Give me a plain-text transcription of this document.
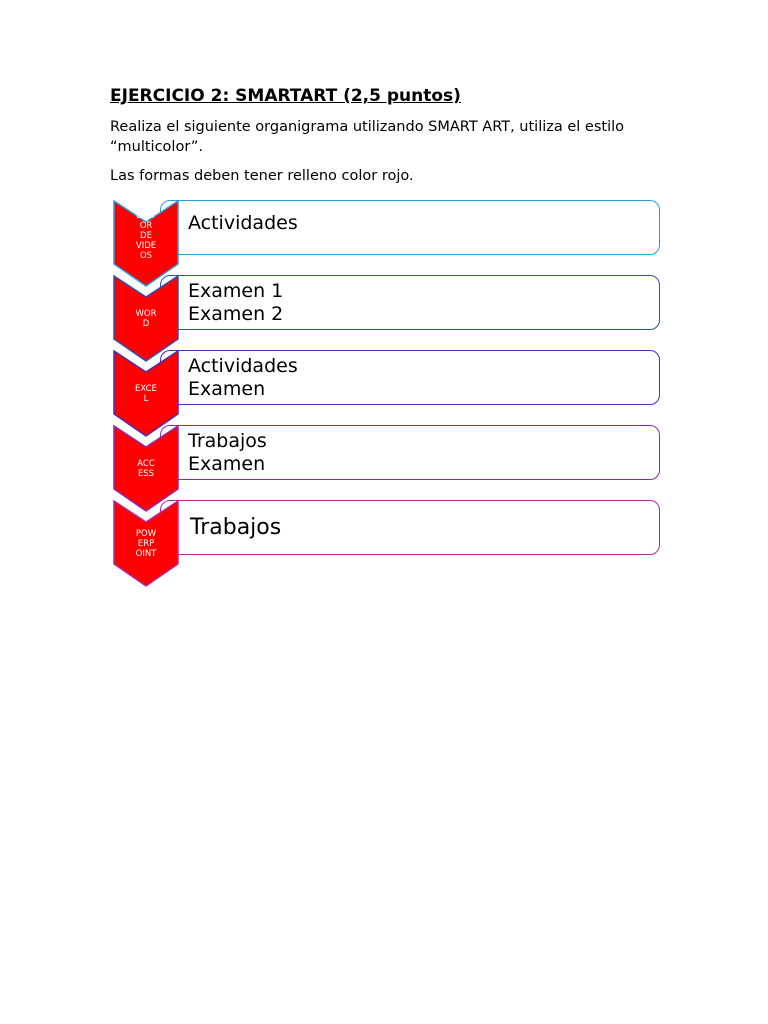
EJERCICIO 2: SMARTART (2,5 puntos)
Realiza el siguiente organigrama utilizando SMART ART, utiliza el estilo “multicolor”.
Las formas deben tener relleno color rojo.
Actividades
EDIT
OR
DE
VIDE
OS
Examen 1
Examen 2
WOR
D
Actividades
Examen
EXCE
L
Trabajos
Examen
ACC
ESS
Trabajos
POW
ERP
OINT
